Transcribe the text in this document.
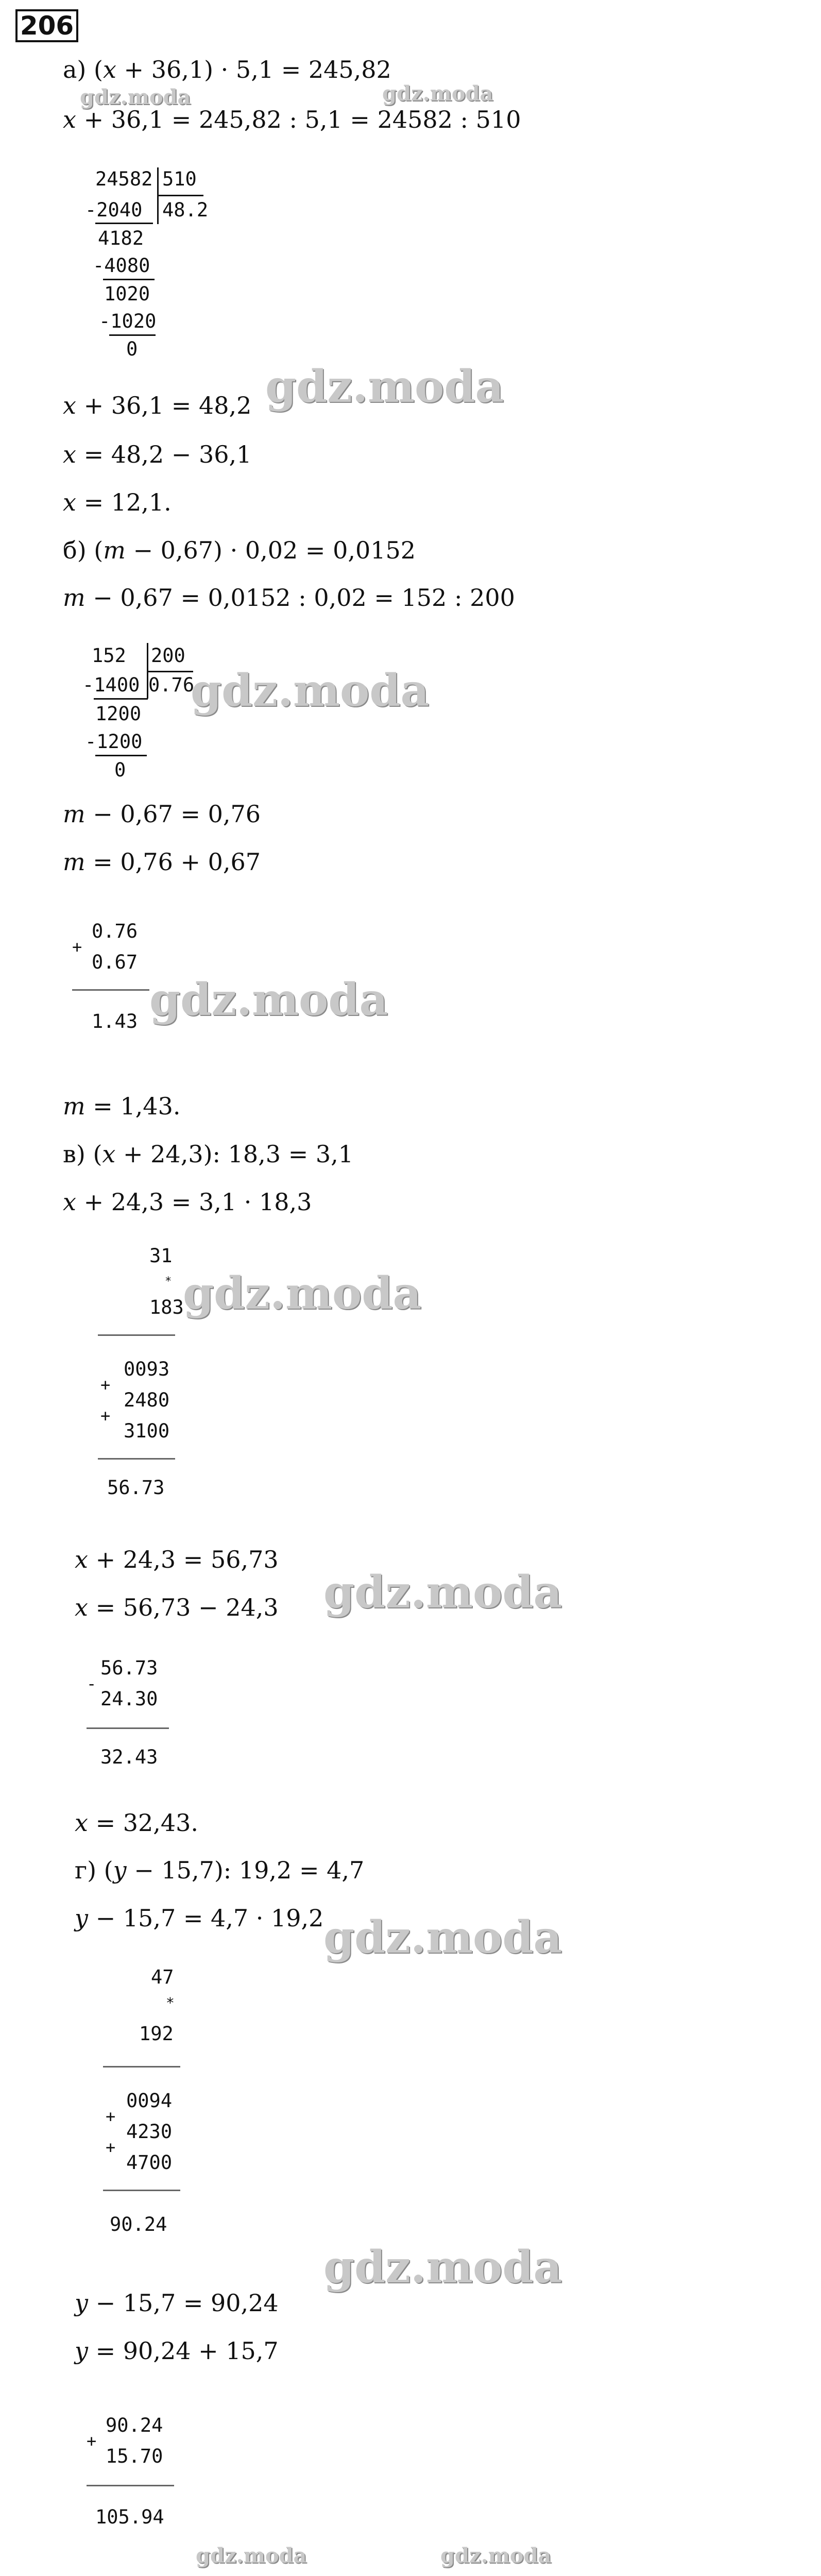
206
а) (x + 36,1) · 5,1 = 245,82
gdz.moda	gdz.moda
x + 36,1 = 245,82 : 5,1 = 24582 : 510
24582 510
48.2
-2040
4182
-4080
1020
-1020
0
x + 36,1 = 48,2 gdz.moda
x = 48,2 − 36,1
x = 12,1.
б) (m − 0,67) · 0,02 = 0,0152
m − 0,67 = 0,0152 : 0,02 = 152 : 200
152 200
0.76
-1400
1200
-1200
0
gdz.moda
m − 0,67 = 0,76
m = 0,76 + 0,67
0.76
+
0.67
1.43 gdz.moda
m = 1,43.
в) (x + 24,3): 18,3 = 3,1
x + 24,3 = 3,1 · 18,3
31
*
183
0093
+
2480
+
3100
56.73
gdz.moda
x + 24,3 = 56,73
x = 56,73 − 24,3 gdz.moda
56.73
-
24.30
32.43
x = 32,43.
г) (y − 15,7): 19,2 = 4,7
y − 15,7 = 4,7 · 19,2 gdz.moda
47
*
192
0094
+
4230
+
4700
90.24
gdz.moda
y − 15,7 = 90,24
y = 90,24 + 15,7
90.24
+
15.70
105.94
gdz.moda	gdz.moda
